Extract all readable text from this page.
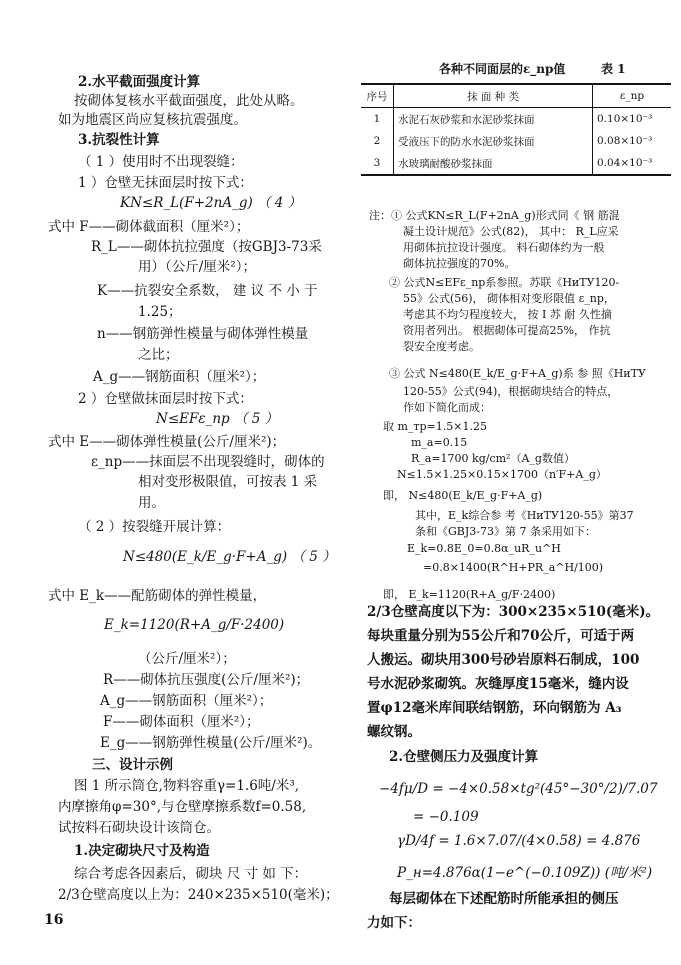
2.水平截面强度计算
按砌体复核水平截面强度，此处从略。
如为地震区尚应复核抗震强度。
3.抗裂性计算
（ 1 ）使用时不出现裂缝：
1 ）仓壁无抹面层时按下式：
KN≤R_L(F+2nA_g) （ 4 ）
式中 F——砌体截面积（厘米²）；
R_L——砌体抗拉强度（按GBJ3-73采
用）（公斤/厘米²）；
K——抗裂安全系数， 建 议 不 小 于
1.25；
n——钢筋弹性模量与砌体弹性模量
之比；
A_g——钢筋面积（厘米²）；
2 ）仓壁做抹面层时按下式：
N≤EFε_np （ 5 ）
式中 E——砌体弹性模量(公斤/厘米²)；
ε_np——抹面层不出现裂缝时，砌体的
相对变形极限值，可按表 1 采
用。
（ 2 ）按裂缝开展计算：
N≤480(E_k/E_g·F+A_g) （ 5 ）
式中 E_k——配筋砌体的弹性模量，
E_k=1120(R+A_g/F·2400)
（公斤/厘米²）；
R——砌体抗压强度(公斤/厘米²)；
A_g——钢筋面积（厘米²）；
F——砌体面积（厘米²）；
E_g——钢筋弹性模量(公斤/厘米²)。
三、设计示例
图 1 所示筒仓,物料容重γ=1.6吨/米³,
内摩擦角φ=30°,与仓壁摩擦系数f=0.58,
试按料石砌块设计该筒仓。
1.决定砌块尺寸及构造
综合考虑各因素后，砌块 尺 寸 如 下：
2/3仓壁高度以上为：240×235×510(毫米)；
各种不同面层的ε_np值	表 1
序号	抹 面 种 类	ε_np
1	水泥石灰砂浆和水泥砂浆抹面	0.10×10⁻³
2	受液压下的防水水泥砂浆抹面	0.08×10⁻³
3	水玻璃耐酸砂浆抹面	0.04×10⁻³
注：① 公式KN≤R_L(F+2nA_g)形式同《 钢 筋混
凝土设计规范》公式(82)， 其中： R_L应采
用砌体抗拉设计强度。 料石砌体约为一般
砌体抗拉强度的70%。
② 公式N≤EFε_np系参照。苏联《НиТУ120-
55》公式(56)， 砌体相对变形限值 ε_np，
考虑其不均匀程度较大， 按 I 苏 耐 久性摘
资用者列出。 根据砌体可提高25%， 作抗
裂安全度考虑。
③ 公式 N≤480(E_k/E_g·F+A_g)系 参 照《НиТУ
120-55》公式(94)，根据砌块结合的特点，
作如下简化而成：
取 m_тр=1.5×1.25
m_а=0.15
R_а=1700 kg/cm²（A_g数值）
N≤1.5×1.25×0.15×1700（n′F+A_g）
即， N≤480(E_k/E_g·F+A_g)
其中，E_k综合参 考《НиТУ120-55》第37
条和《GBJ3-73》第 7 条采用如下：
E_k=0.8E_0=0.8α_uR_u^H
=0.8×1400(R^H+PR_a^H/100)
即， E_k=1120(R+A_g/F·2400)
2/3仓壁高度以下为：300×235×510(毫米)。
每块重量分别为55公斤和70公斤，可适于两
人搬运。砌块用300号砂岩原料石制成，100
号水泥砂浆砌筑。灰缝厚度15毫米，缝内设
置φ12毫米库间联结钢筋，环向钢筋为 A₃
螺纹钢。
2.仓壁侧压力及强度计算
−4fμ/D = −4×0.58×tg²(45°−30°/2)/7.07
= −0.109
γD/4f = 1.6×7.07/(4×0.58) = 4.876
P_н=4.876α(1−e^(−0.109Z)) (吨/米²)
每层砌体在下述配筋时所能承担的侧压
力如下：
16
